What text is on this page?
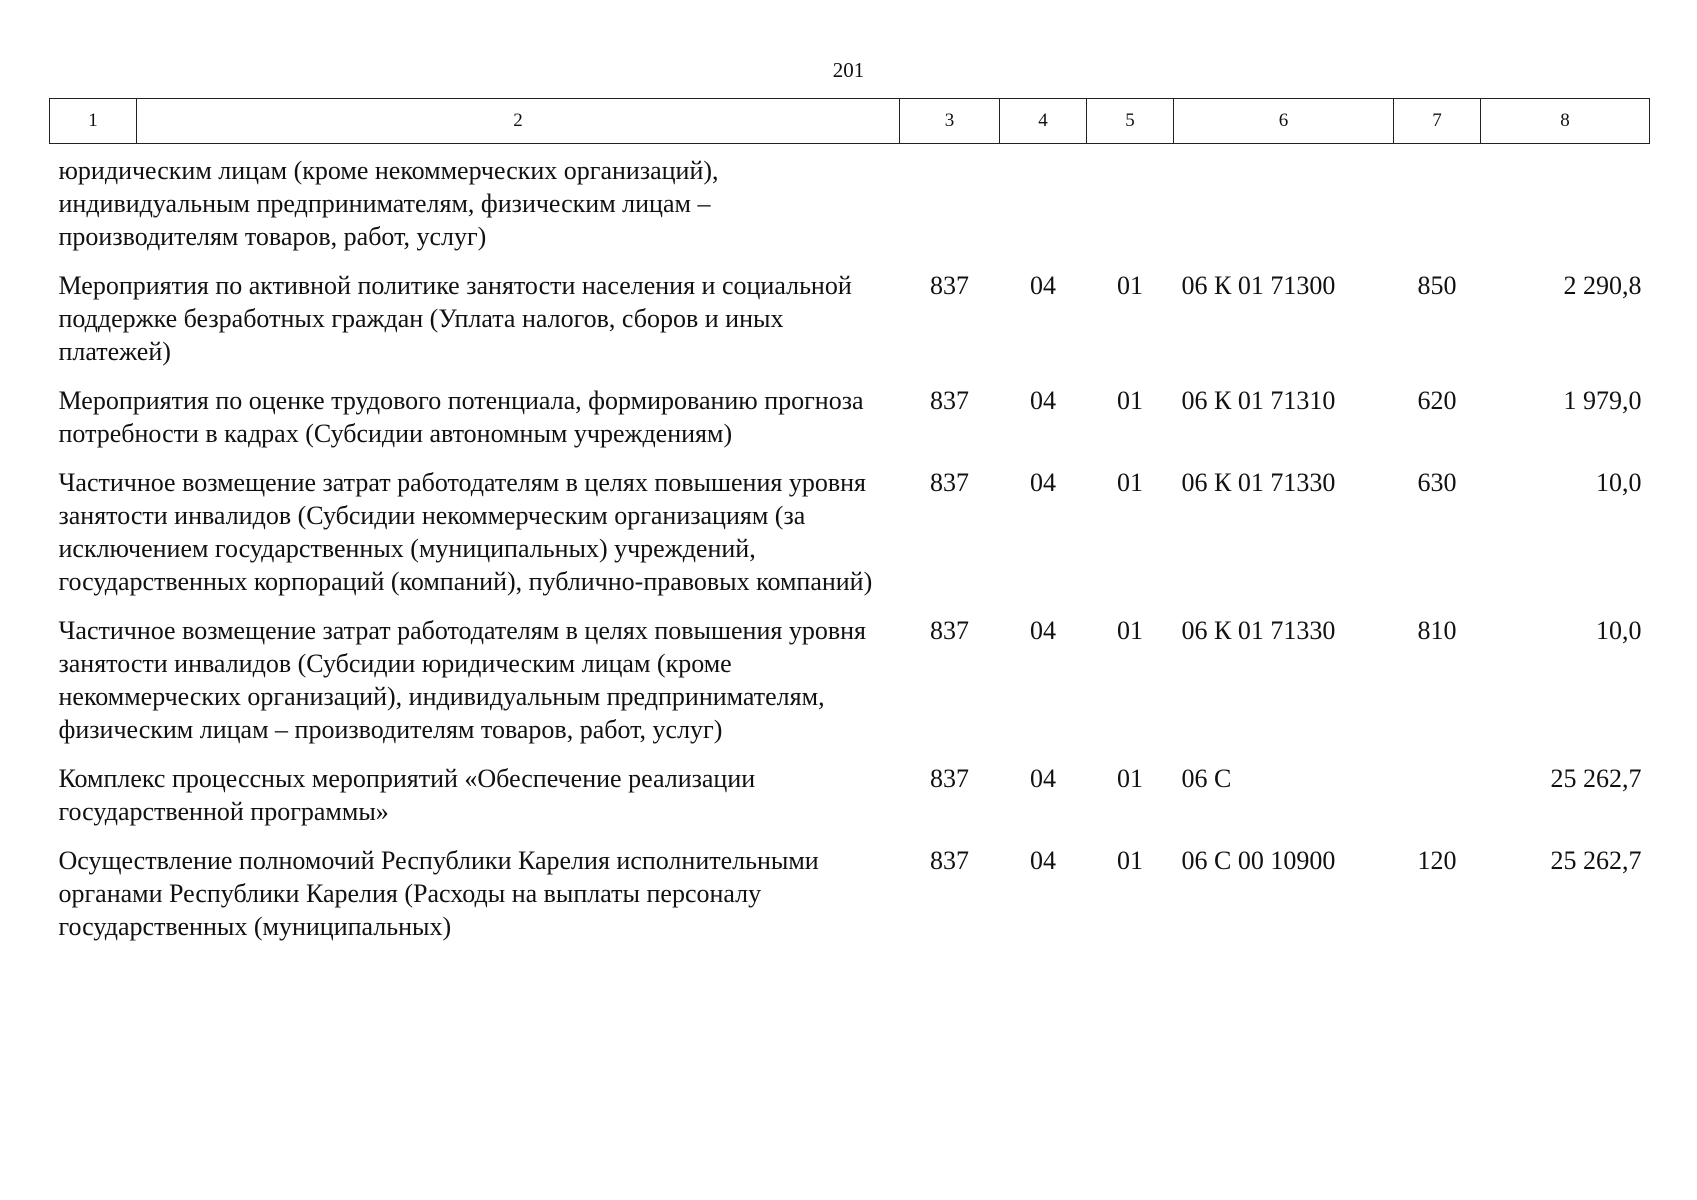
201
1	2	3	4	5	6	7	8
юридическим лицам (кроме некоммерческих организаций), индивидуальным предпринимателям, физическим лицам – производителям товаров, работ, услуг)							
Мероприятия по активной политике занятости населения и социальной поддержке безработных граждан (Уплата налогов, сборов и иных платежей)		837	04	01	06 К 01 71300	850	2 290,8
Мероприятия по оценке трудового потенциала, формированию прогноза потребности в кадрах (Субсидии автономным учреждениям)		837	04	01	06 К 01 71310	620	1 979,0
Частичное возмещение затрат работодателям в целях повышения уровня занятости инвалидов (Субсидии некоммерческим организациям (за исключением государственных (муниципальных) учреждений, государственных корпораций (компаний), публично-правовых компаний)		837	04	01	06 К 01 71330	630	10,0
Частичное возмещение затрат работодателям в целях повышения уровня занятости инвалидов (Субсидии юридическим лицам (кроме некоммерческих организаций), индивидуальным предпринимателям, физическим лицам – производителям товаров, работ, услуг)		837	04	01	06 К 01 71330	810	10,0
Комплекс процессных мероприятий «Обеспечение реализации государственной программы»		837	04	01	06 С		25 262,7
Осуществление полномочий Республики Карелия исполнительными органами Республики Карелия (Расходы на выплаты персоналу государственных (муниципальных)		837	04	01	06 С 00 10900	120	25 262,7
